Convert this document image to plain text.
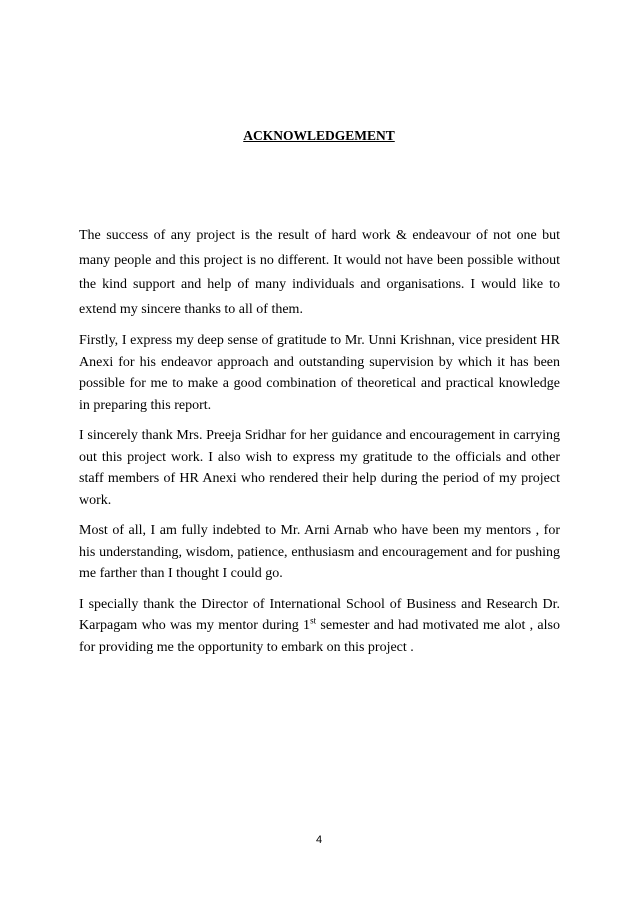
ACKNOWLEDGEMENT

The success of any project is the result of hard work & endeavour of not one but many people and this project is no different. It would not have been possible without the kind support and help of many individuals and organisations. I would like to extend my sincere thanks to all of them.

Firstly, I express my deep sense of gratitude to Mr. Unni Krishnan, vice president HR Anexi for his endeavor approach and outstanding supervision by which it has been possible for me to make a good combination of theoretical and practical knowledge in preparing this report.

I sincerely thank Mrs. Preeja Sridhar for her guidance and encouragement in carrying out this project work. I also wish to express my gratitude to the officials and other staff members of HR Anexi who rendered their help during the period of my project work.

Most of all, I am fully indebted to Mr. Arni Arnab who have been my mentors , for his understanding, wisdom, patience, enthusiasm and encouragement and for pushing me farther than I thought I could go.

I specially thank the Director of International School of Business and Research Dr. Karpagam who was my mentor during 1st semester and had motivated me alot , also for providing me the opportunity to embark on this project .

4
